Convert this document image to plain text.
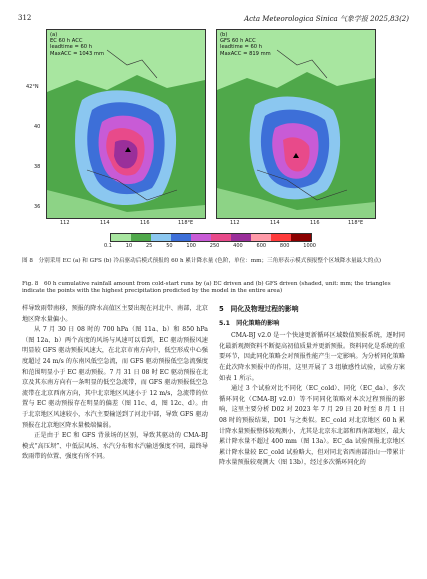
312	Acta Meteorologica Sinica 气象学报 2025,83(2)
42°N
40
38
36
(a)
EC 60 h ACC
leadtime = 60 h
MaxACC = 1043 mm
(b)
GFS 60 h ACC
leadtime = 60 h
MaxACC = 819 mm
112	114	116	118°E	112	114	116	118°E
0.1	10	25	50	100	250	400	600	800	1000
图 8　分别采用 EC (a) 和 GFS (b) 冷启驱动后模式预报的 60 h 累计降水量 (色阶，单位：mm；三角形表示模式预报整个区域降水量最大的点)
Fig. 8　60 h cumulative rainfall amount from cold-start runs by (a) EC driven and (b) GFS driven (shaded, unit: mm; the triangles indicate the points with the highest precipitation predicted by the model in the entire area)

样导致雨带南移，预报的降水高值区主要出现在河北中、南部，北京地区降水量偏小。

从 7 月 30 日 08 时的 700 hPa（图 11a、b）和 850 hPa（图 12a、b）两个高度的风场与风速可以看到，EC 驱动预报风速明显较 GFS 驱动预报风速大，在北京市南方向中，低空形成中心强度超过 24 m/s 的东南风低空急流，而 GFS 驱动预报低空急流强度和范围明显小于 EC 驱动预报。7 月 31 日 08 时 EC 驱动预报在北京及其东南方向有一条明显的低空急流带，而 GFS 驱动预报低空急流带在北京西南方向，其中北京地区风速小于 12 m/s，急流带的位置与 EC 驱动预报存在明显的偏差（图 11c、d，图 12c、d）。由于北京地区风速较小，水汽主要输送到了河北中部，导致 GFS 驱动预报在北京地区降水量极端偏弱。

正是由于 EC 和 GFS 背景场的区别，导致其驱动的 CMA-BJ 模式“高压坝”、中低层风场、水汽分布和水汽输送强度不同，最终导致雨带的位置、强度有所不同。

5　同化及物理过程的影响
5.1　同化策略的影响

CMA-BJ v2.0 是一个快速更新循环区域数值预报系统，逐时同化最新观测资料不断提高初值质量并更新预报。资料同化是系统的重要环节，因此同化策略会对预报性能产生一定影响。为分析同化策略在此次降水预报中的作用，这里开展了 3 组敏感性试验，试验方案如表 1 所示。

通过 3 个试验对比不同化（EC_cold）、同化（EC_da）、多次循环同化（CMA-BJ v2.0）等不同同化策略对本次过程预报的影响，这里主要分析 D02 对 2023 年 7 月 29 日 20 时至 8 月 1 日 08 时的预报结果，D01 与之类似。EC_cold 对北京地区 60 h 累计降水量预报整体较观测小，尤其是北京东北部和西南部地区，最大累计降水量不超过 400 mm（图 13a）。EC_da 试验预报北京地区累计降水量较 EC_cold 试验略大，但对同北省西南部沿山一带累计降水量预报较观测大（图 13b），经过多次循环同化的
